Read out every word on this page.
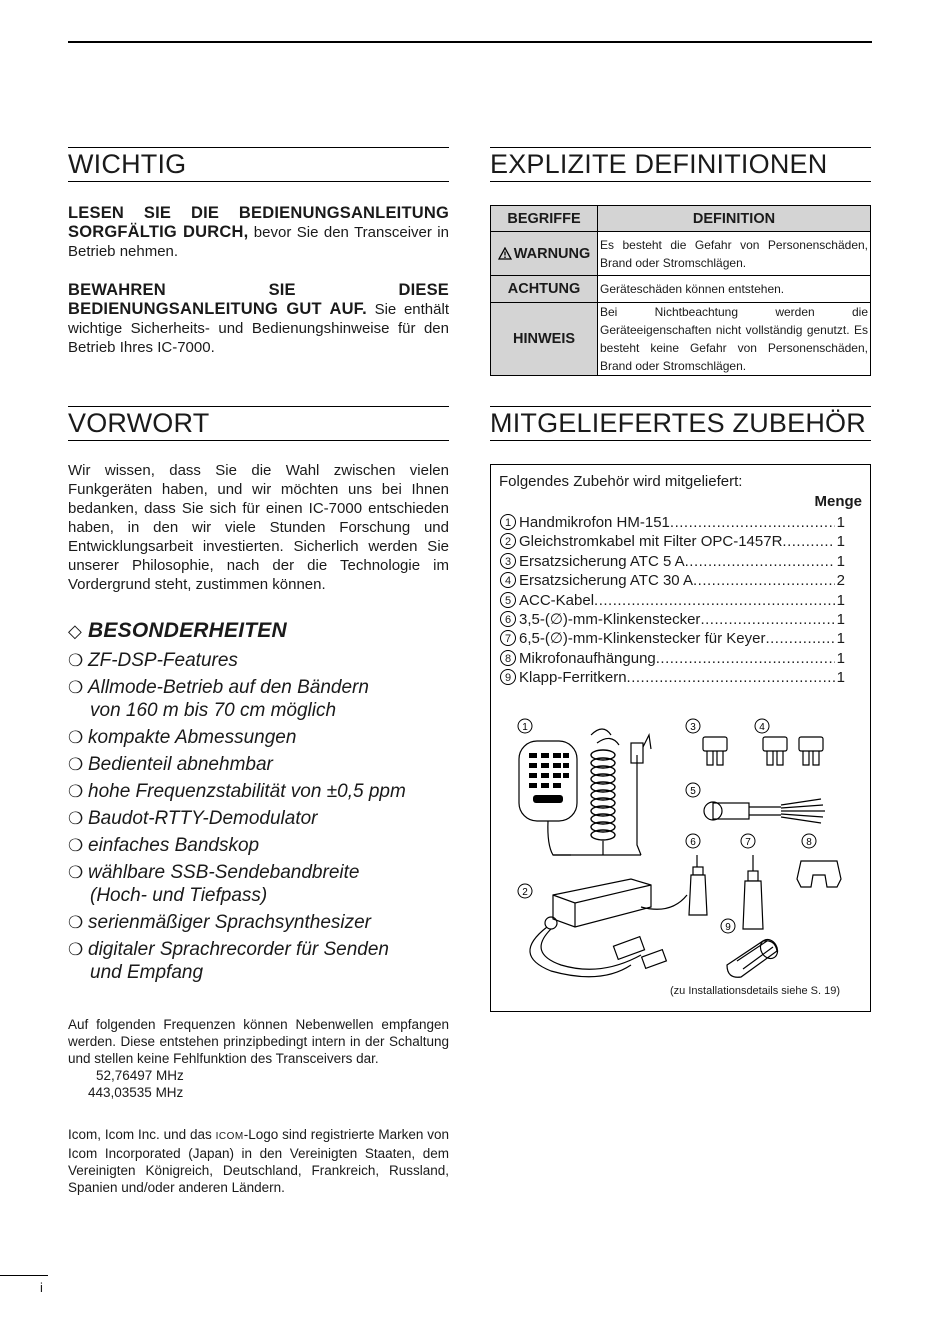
WICHTIG
LESEN SIE DIE BEDIENUNGSANLEITUNG SORGFÄLTIG DURCH, bevor Sie den Transceiver in Betrieb nehmen.
BEWAHREN SIE DIESE BEDIENUNGSANLEITUNG GUT AUF. Sie enthält wichtige Sicherheits- und Bedienungshinweise für den Betrieb Ihres IC-7000.
EXPLIZITE DEFINITIONEN
BEGRIFFE	DEFINITION
WARNUNG	Es besteht die Gefahr von Personenschäden, Brand oder Stromschlägen.
ACHTUNG	Geräteschäden können entstehen.
HINWEIS	Bei Nichtbeachtung werden die Geräteeigenschaften nicht vollständig genutzt. Es besteht keine Gefahr von Personenschäden, Brand oder Stromschlägen.
VORWORT
Wir wissen, dass Sie die Wahl zwischen vielen Funkgeräten haben, und wir möchten uns bei Ihnen bedanken, dass Sie sich für einen IC-7000 entschieden haben, in den wir viele Stunden Forschung und Entwicklungsarbeit investierten. Sicherlich werden Sie unserer Philosophie, nach der die Technologie im Vordergrund steht, zustimmen können.
◇ BESONDERHEITEN
❍ ZF-DSP-Features
❍ Allmode-Betrieb auf den Bändern
von 160 m bis 70 cm möglich
❍ kompakte Abmessungen
❍ Bedienteil abnehmbar
❍ hohe Frequenzstabilität von ±0,5 ppm
❍ Baudot-RTTY-Demodulator
❍ einfaches Bandskop
❍ wählbare SSB-Sendebandbreite
(Hoch- und Tiefpass)
❍ serienmäßiger Sprachsynthesizer
❍ digitaler Sprachrecorder für Senden
und Empfang
Auf folgenden Frequenzen können Nebenwellen empfangen werden. Diese entstehen prinzipbedingt intern in der Schaltung und stellen keine Fehlfunktion des Transceivers dar.
52,76497 MHz
443,03535 MHz
Icom, Icom Inc. und das ICOM-Logo sind registrierte Marken von Icom Incorporated (Japan) in den Vereinigten Staaten, dem Vereinigten Königreich, Deutschland, Frankreich, Russland, Spanien und/oder anderen Ländern.
MITGELIEFERTES ZUBEHÖR
Folgendes Zubehör wird mitgeliefert:
Menge
1 Handmikrofon HM-151 .....	1
2 Gleichstromkabel mit Filter OPC-1457R .....	1
3 Ersatzsicherung ATC 5 A .....	1
4 Ersatzsicherung ATC 30 A .....	2
5 ACC-Kabel .....	1
6 3,5-(∅)-mm-Klinkenstecker .....	1
7 6,5-(∅)-mm-Klinkenstecker für Keyer .....	1
8 Mikrofonaufhängung .....	1
9 Klapp-Ferritkern .....	1
1
2
3	4
5
6	7	8
9
(zu Installationsdetails siehe S. 19)
i
